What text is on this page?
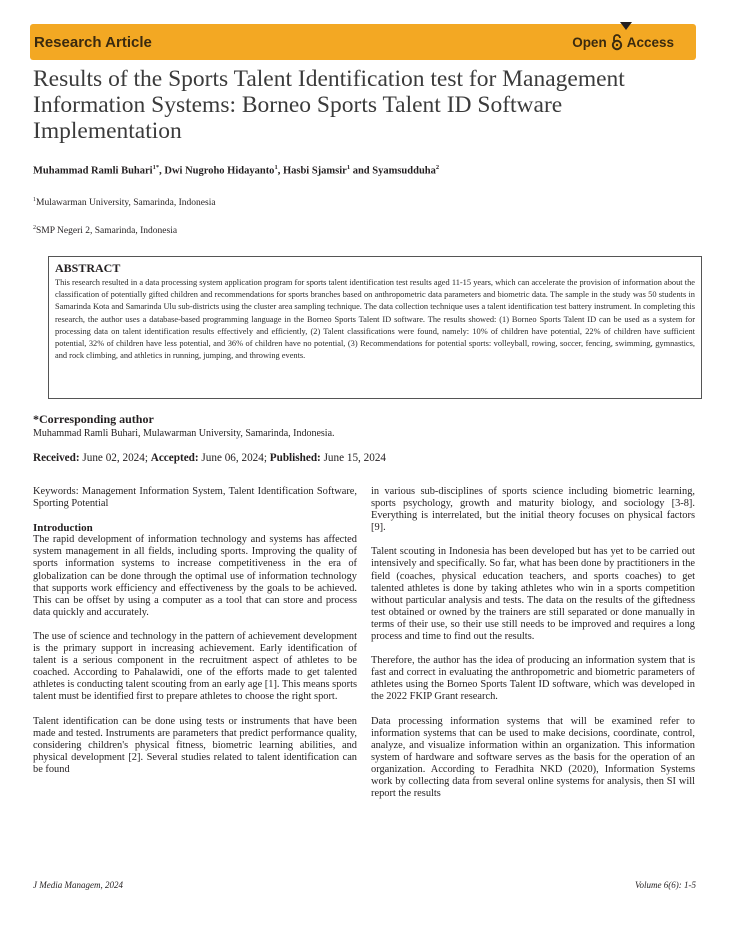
Research Article	Open Access
Results of the Sports Talent Identification test for Management Information Systems: Borneo Sports Talent ID Software Implementation
Muhammad Ramli Buhari$^{1*}$, Dwi Nugroho Hidayanto$^1$, Hasbi Sjamsir$^1$ and Syamsudduha$^2$
$^1$Mulawarman University, Samarinda, Indonesia
$^2$SMP Negeri 2, Samarinda, Indonesia
ABSTRACT
This research resulted in a data processing system application program for sports talent identification test results aged 11-15 years, which can accelerate the provision of information about the classification of potentially gifted children and recommendations for sports branches based on anthropometric data parameters and biometric data. The sample in the study was 50 students in Samarinda Kota and Samarinda Ulu sub-districts using the cluster area sampling technique. The data collection technique uses a talent identification test battery instrument. In completing this research, the author uses a database-based programming language in the Borneo Sports Talent ID software. The results showed: (1) Borneo Sports Talent ID can be used as a system for processing data on talent identification results effectively and efficiently, (2) Talent classifications were found, namely: 10% of children have potential, 22% of children have sufficient potential, 32% of children have less potential, and 36% of children have no potential, (3) Recommendations for potential sports: volleyball, rowing, soccer, fencing, swimming, gymnastics, and rock climbing, and athletics in running, jumping, and throwing events.
*Corresponding author
Muhammad Ramli Buhari, Mulawarman University, Samarinda, Indonesia.
Received: June 02, 2024; Accepted: June 06, 2024; Published: June 15, 2024

Keywords: Management Information System, Talent Identification Software, Sporting Potential

Introduction

The rapid development of information technology and systems has affected system management in all fields, including sports. Improving the quality of sports information systems to increase competitiveness in the era of globalization can be done through the optimal use of information technology that supports work efficiency and effectiveness by the goals to be achieved. This can be offset by using a computer as a tool that can store and process data quickly and accurately.

The use of science and technology in the pattern of achievement development is the primary support in increasing achievement. Early identification of talent is a serious component in the recruitment aspect of athletes to be coached. According to Pahalawidi, one of the efforts made to get talented athletes is conducting talent scouting from an early age [1]. This means sports talent must be identified first to prepare athletes to choose the right sport.

Talent identification can be done using tests or instruments that have been made and tested. Instruments are parameters that predict performance quality, considering children's physical fitness, biometric learning abilities, and physical development [2]. Several studies related to talent identification can be found

in various sub-disciplines of sports science including biometric learning, sports psychology, growth and maturity biology, and sociology [3-8]. Everything is interrelated, but the initial theory focuses on physical factors [9].

Talent scouting in Indonesia has been developed but has yet to be carried out intensively and specifically. So far, what has been done by practitioners in the field (coaches, physical education teachers, and sports coaches) to get talented athletes is done by taking athletes who win in a sports competition without particular analysis and tests. The data on the results of the giftedness test obtained or owned by the trainers are still separated or done manually in terms of their use, so their use still needs to be improved and requires a long process and time to find out the results.

Therefore, the author has the idea of producing an information system that is fast and correct in evaluating the anthropometric and biometric parameters of athletes using the Borneo Sports Talent ID software, which was developed in the 2022 FKIP Grant research.

Data processing information systems that will be examined refer to information systems that can be used to make decisions, coordinate, control, analyze, and visualize information within an organization. This information system of hardware and software serves as the basis for the operation of an organization. According to Feradhita NKD (2020), Information Systems work by collecting data from several online systems for analysis, then SI will report the results

J Media Managem, 2024	Volume 6(6): 1-5
